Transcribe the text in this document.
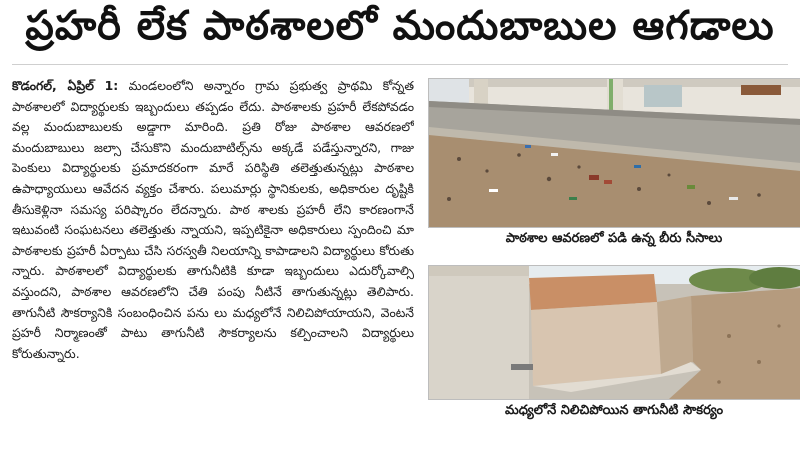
ప్రహరీ లేక పాఠశాలలో మందుబాబుల ఆగడాలు
కొడంగల్, ఏప్రిల్ 1: మండలంలోని అన్నారం గ్రామ ప్రభుత్వ ప్రాథమి కోన్నత పాఠశాలలో విద్యార్థులకు ఇబ్బందులు తప్పడం లేదు. పాఠశాలకు ప్రహరీ లేకపోవడం వల్ల మందుబాబులకు అడ్డాగా మారింది. ప్రతి రోజు పాఠశాల ఆవరణలో మందుబాబులు జల్సా చేసుకొని మందుబాటిల్స్‌ను అక్కడే పడేస్తున్నారని, గాజు పెంకులు విద్యార్థులకు ప్రమాదకరంగా మారే పరిస్థితి తలెత్తుతున్నట్లు పాఠశాల ఉపాధ్యాయులు ఆవేదన వ్యక్తం చేశారు. పలుమార్లు స్థానికులకు, అధికారుల దృష్టికి తీసుకెళ్లినా సమస్య పరిష్కారం లేదన్నారు. పాఠ శాలకు ప్రహరీ లేని కారణంగానే ఇటువంటి సంఘటనలు తలెత్తుతు న్నాయని, ఇప్పటికైనా అధికారులు స్పందించి మా పాఠశాలకు ప్రహరీ ఏర్పాటు చేసి సరస్వతీ నిలయాన్ని కాపాడాలని విద్యార్థులు కోరుతు న్నారు. పాఠశాలలో విద్యార్థులకు తాగునీటికి కూడా ఇబ్బందులు ఎదుర్కోవాల్సి వస్తుందని, పాఠశాల ఆవరణలోని చేతి పంపు నీటినే తాగుతున్నట్లు తెలిపారు. తాగునీటి సౌకర్యానికి సంబంధించిన పను లు మధ్యలోనే నిలిచిపోయాయని, వెంటనే ప్రహరీ నిర్మాణంతో పాటు తాగునీటి సౌకర్యాలను కల్పించాలని విద్యార్థులు కోరుతున్నారు.
పాఠశాల ఆవరణలో పడి ఉన్న బీరు సీసాలు
మధ్యలోనే నిలిచిపోయిన తాగునీటి సౌకర్యం
